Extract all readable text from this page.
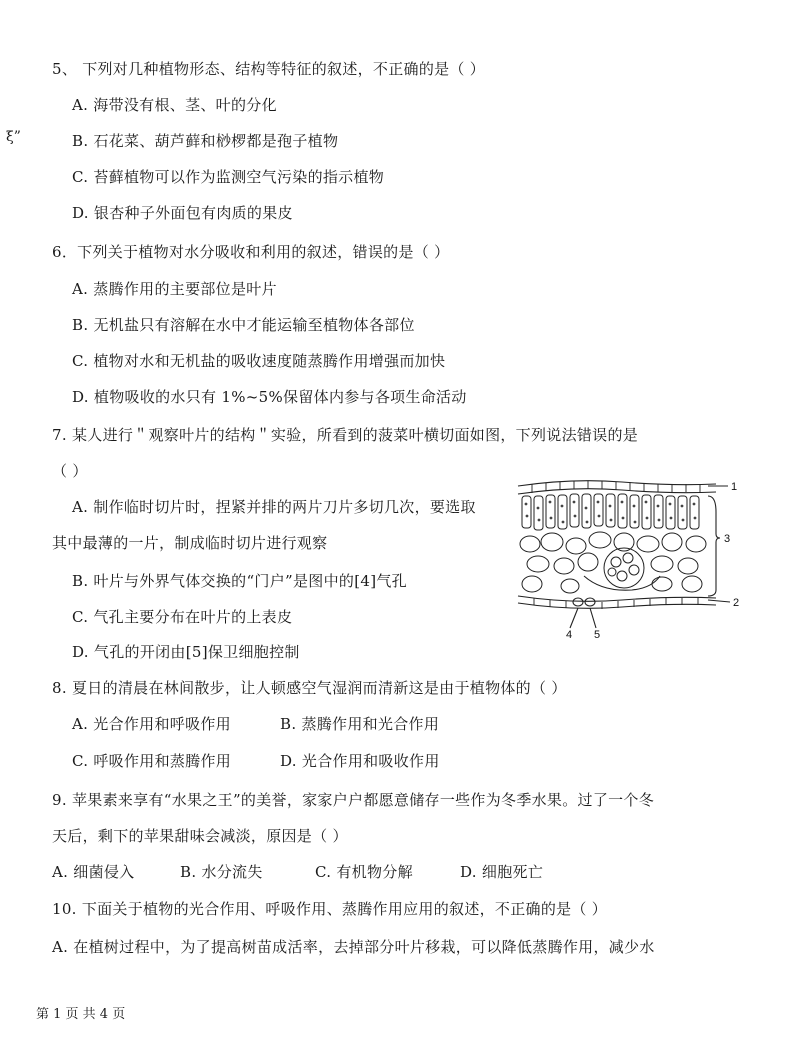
ξ”
5、 下列对几种植物形态、结构等特征的叙述，不正确的是（ ）
A. 海带没有根、茎、叶的分化
B. 石花菜、葫芦藓和桫椤都是孢子植物
C. 苔藓植物可以作为监测空气污染的指示植物
D. 银杏种子外面包有肉质的果皮
6．下列关于植物对水分吸收和利用的叙述，错误的是（ ）
A. 蒸腾作用的主要部位是叶片
B. 无机盐只有溶解在水中才能运输至植物体各部位
C. 植物对水和无机盐的吸收速度随蒸腾作用增强而加快
D. 植物吸收的水只有 1%~5%保留体内参与各项生命活动
7. 某人进行＂观察叶片的结构＂实验，所看到的菠菜叶横切面如图，下列说法错误的是
（ ）
A. 制作临时切片时，捏紧并排的两片刀片多切几次，要选取
其中最薄的一片，制成临时切片进行观察
B. 叶片与外界气体交换的“门户”是图中的[4]气孔
C. 气孔主要分布在叶片的上表皮
D. 气孔的开闭由[5]保卫细胞控制
1
3
2
4 5
8. 夏日的清晨在林间散步，让人顿感空气湿润而清新这是由于植物体的（ ）
A. 光合作用和呼吸作用	B. 蒸腾作用和光合作用
C. 呼吸作用和蒸腾作用	D. 光合作用和吸收作用
9. 苹果素来享有“水果之王”的美誉，家家户户都愿意储存一些作为冬季水果。过了一个冬
天后，剩下的苹果甜味会减淡，原因是（ ）
A. 细菌侵入	B. 水分流失	C. 有机物分解	D. 细胞死亡
10. 下面关于植物的光合作用、呼吸作用、蒸腾作用应用的叙述，不正确的是（ ）
A. 在植树过程中，为了提高树苗成活率，去掉部分叶片移栽，可以降低蒸腾作用，减少水
第 1 页 共 4 页
